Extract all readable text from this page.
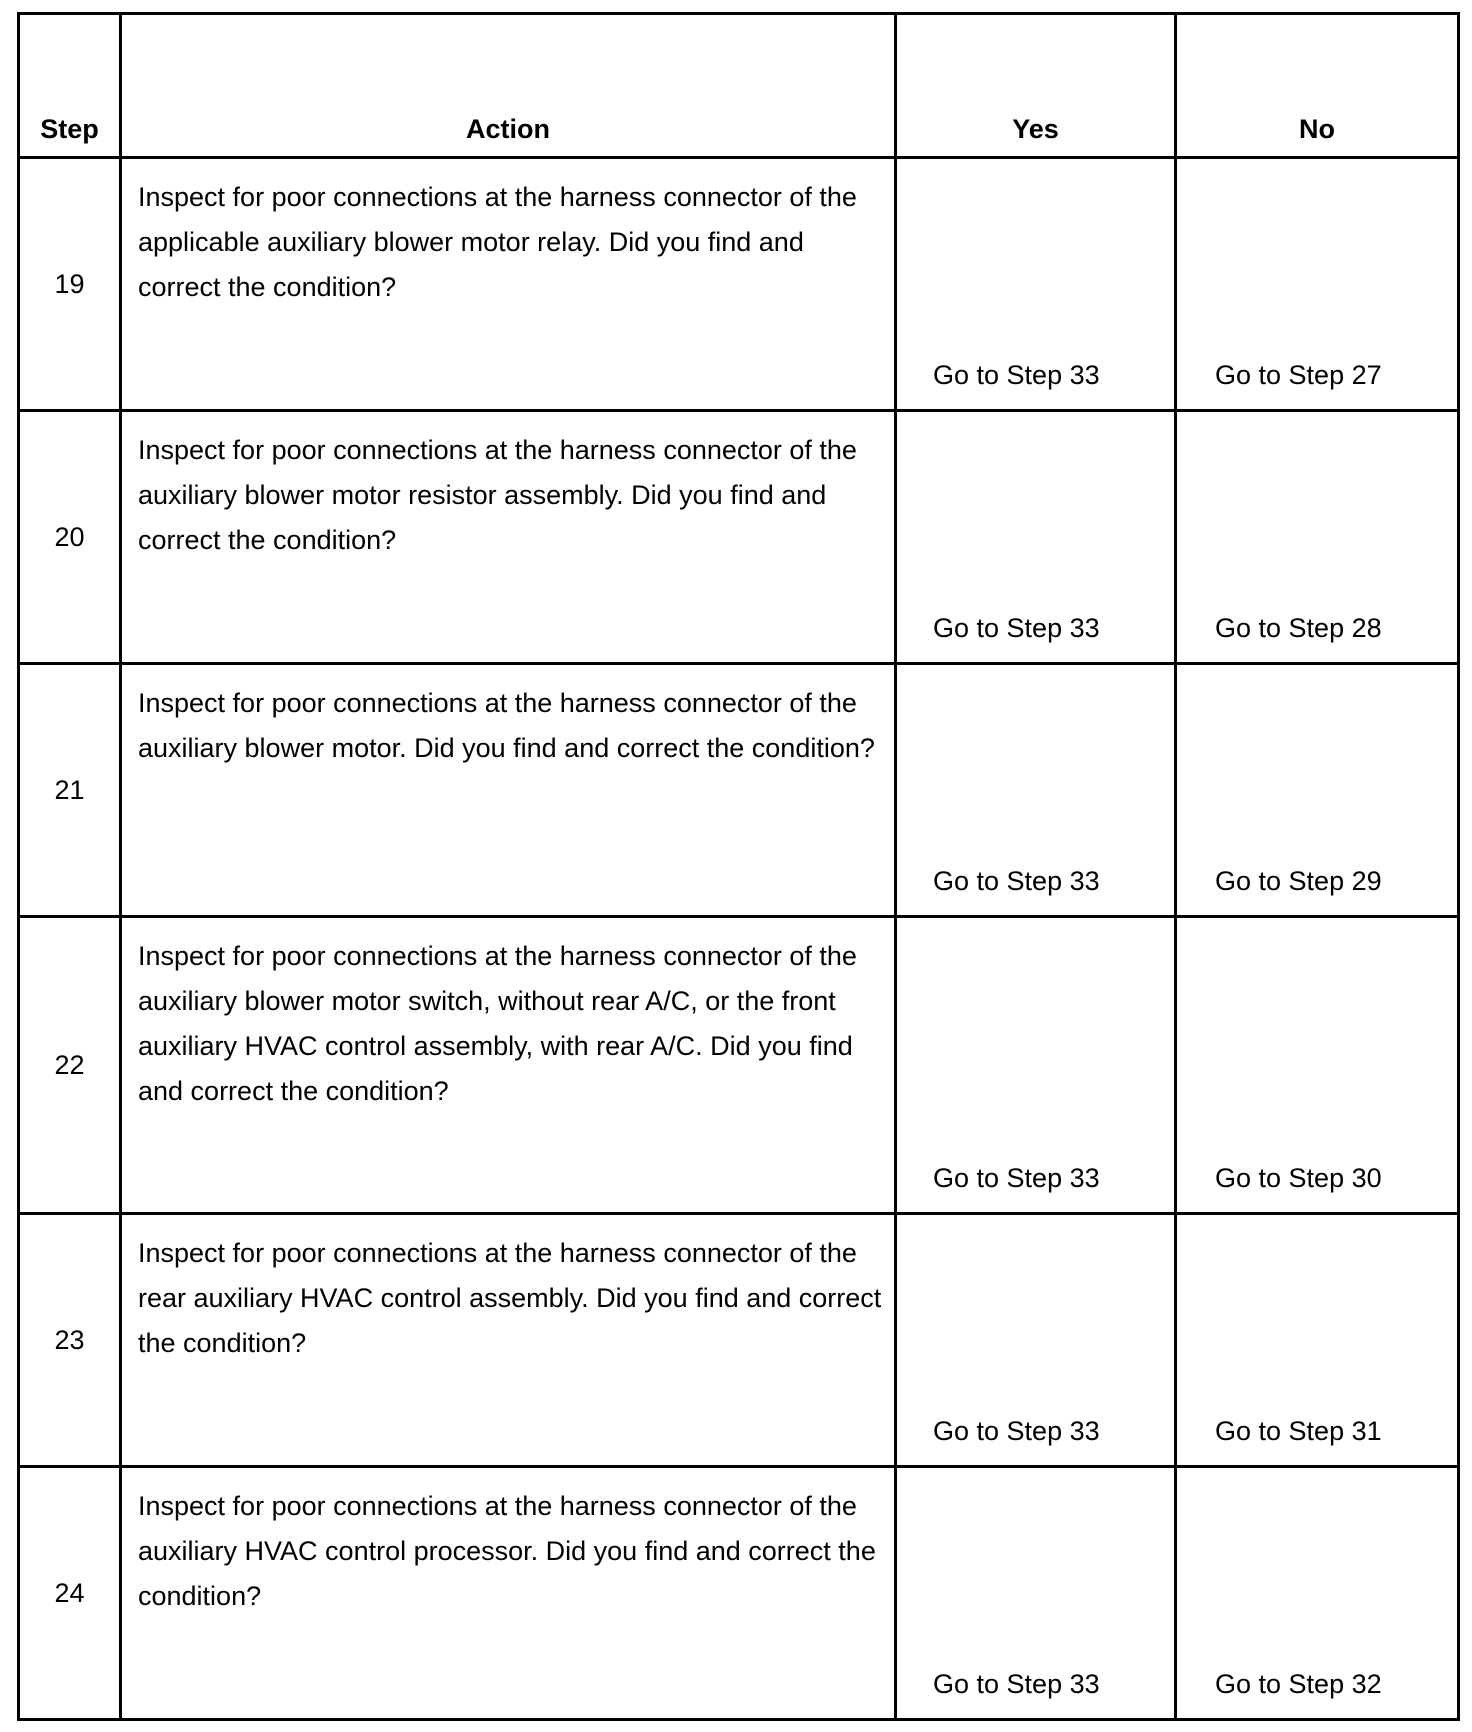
Step	Action	Yes	No
19	Inspect for poor connections at the harness connector of the applicable auxiliary blower motor relay. Did you find and correct the condition?	Go to Step 33	Go to Step 27
20	Inspect for poor connections at the harness connector of the auxiliary blower motor resistor assembly. Did you find and correct the condition?	Go to Step 33	Go to Step 28
21	Inspect for poor connections at the harness connector of the auxiliary blower motor. Did you find and correct the condition?	Go to Step 33	Go to Step 29
22	Inspect for poor connections at the harness connector of the auxiliary blower motor switch, without rear A/C, or the front auxiliary HVAC control assembly, with rear A/C. Did you find and correct the condition?	Go to Step 33	Go to Step 30
23	Inspect for poor connections at the harness connector of the rear auxiliary HVAC control assembly. Did you find and correct the condition?	Go to Step 33	Go to Step 31
24	Inspect for poor connections at the harness connector of the auxiliary HVAC control processor. Did you find and correct the condition?	Go to Step 33	Go to Step 32
